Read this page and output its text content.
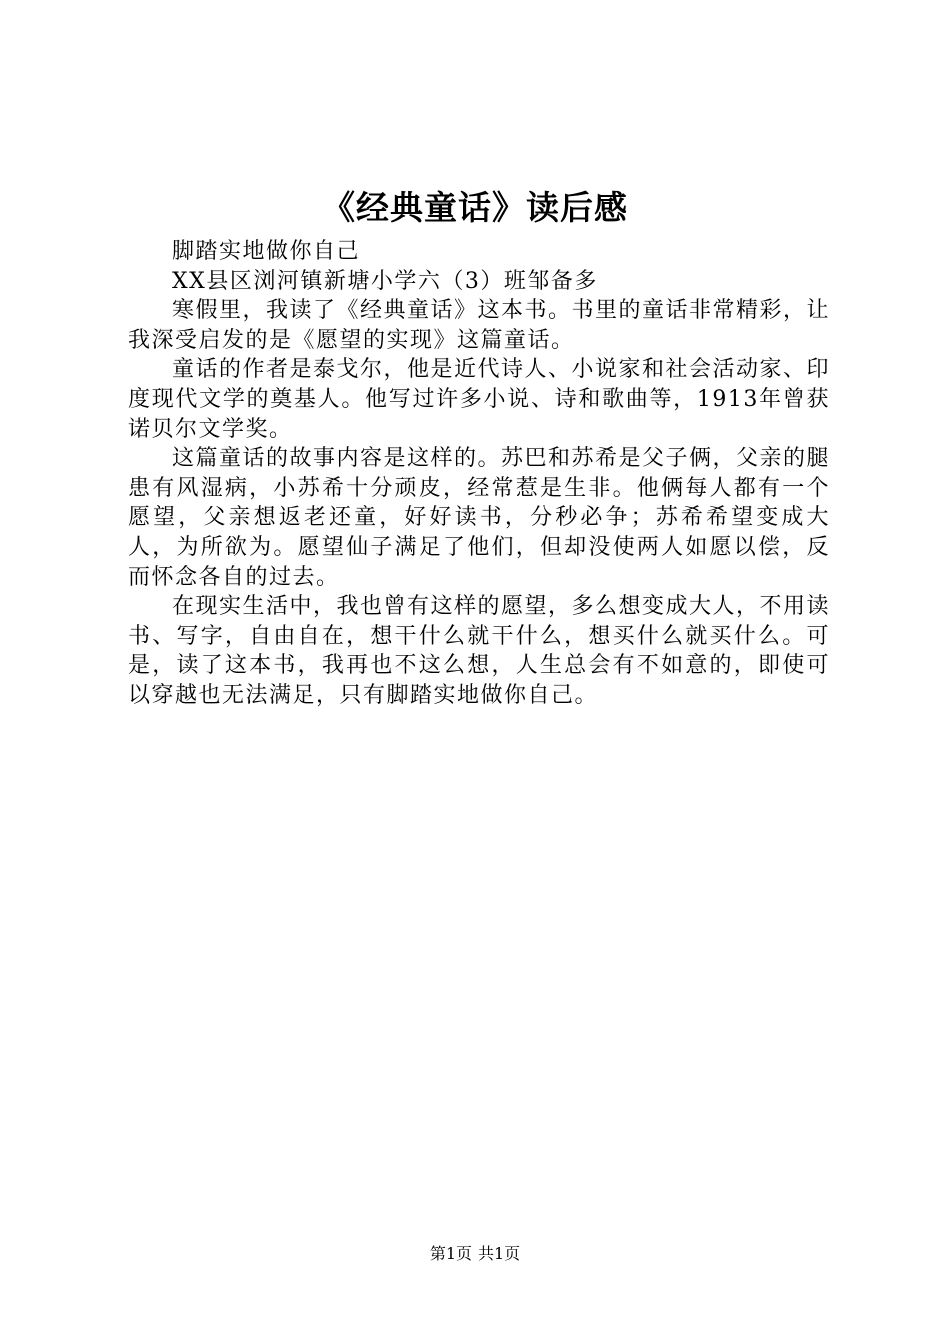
《经典童话》读后感

脚踏实地做你自己

XX县区浏河镇新塘小学六（3）班邹备多

寒假里，我读了《经典童话》这本书。书里的童话非常精彩，让我深受启发的是《愿望的实现》这篇童话。

童话的作者是泰戈尔，他是近代诗人、小说家和社会活动家、印度现代文学的奠基人。他写过许多小说、诗和歌曲等，1913年曾获诺贝尔文学奖。

这篇童话的故事内容是这样的。苏巴和苏希是父子俩，父亲的腿患有风湿病，小苏希十分顽皮，经常惹是生非。他俩每人都有一个愿望，父亲想返老还童，好好读书，分秒必争；苏希希望变成大人，为所欲为。愿望仙子满足了他们，但却没使两人如愿以偿，反而怀念各自的过去。

在现实生活中，我也曾有这样的愿望，多么想变成大人，不用读书、写字，自由自在，想干什么就干什么，想买什么就买什么。可是，读了这本书，我再也不这么想，人生总会有不如意的，即使可以穿越也无法满足，只有脚踏实地做你自己。

第1页 共1页
